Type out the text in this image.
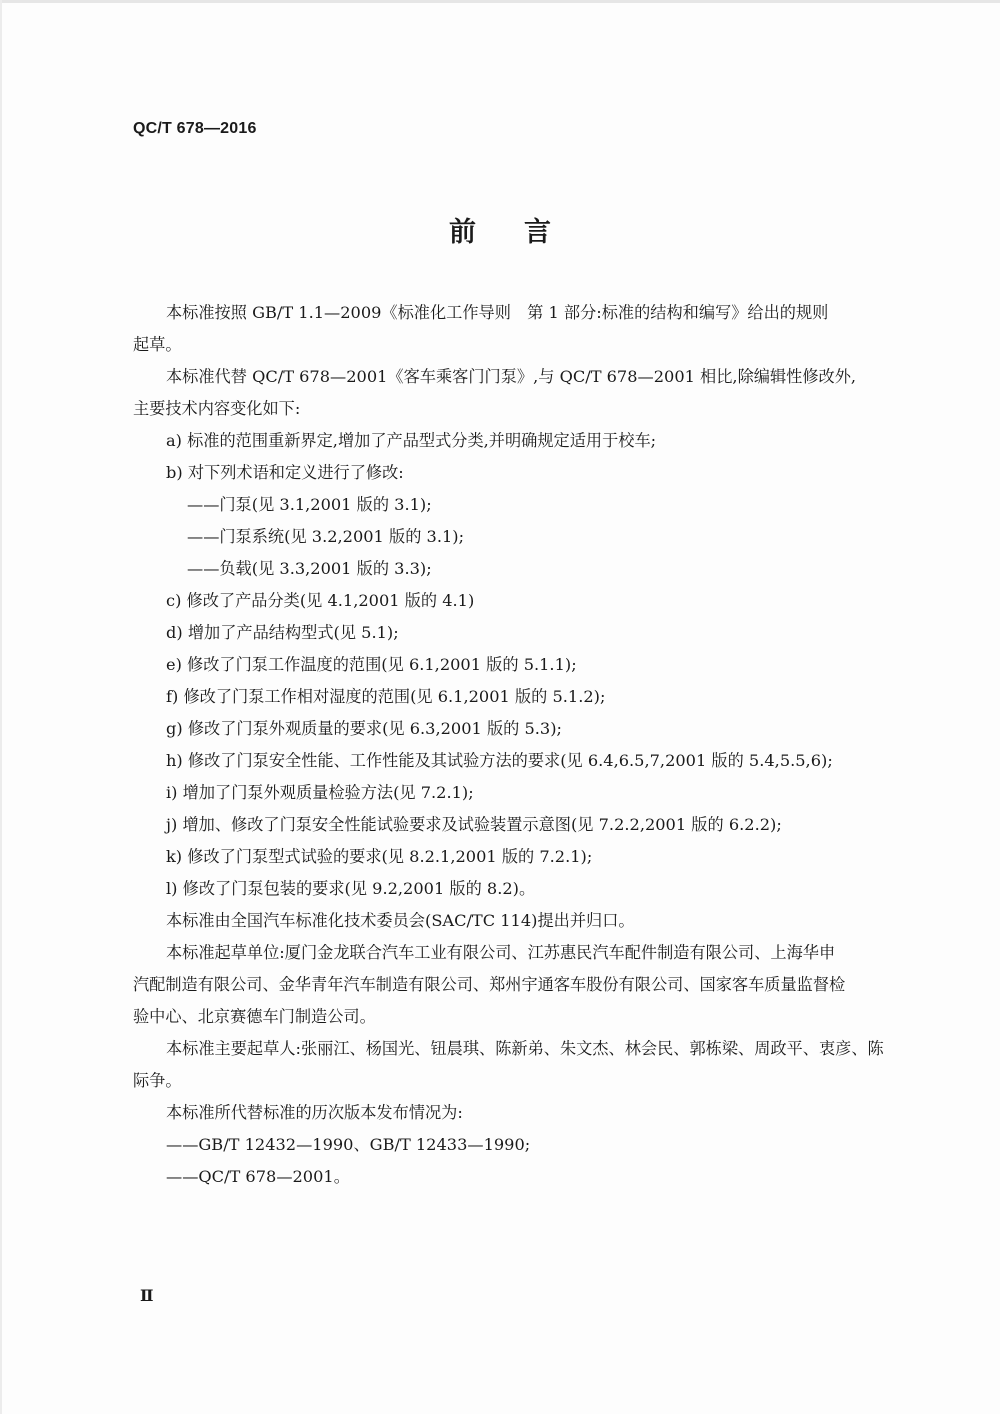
QC/T 678—2016
前 言

本标准按照 GB/T 1.1—2009《标准化工作导则　第 1 部分:标准的结构和编写》给出的规则

起草。

本标准代替 QC/T 678—2001《客车乘客门门泵》,与 QC/T 678—2001 相比,除编辑性修改外,

主要技术内容变化如下:

a) 标准的范围重新界定,增加了产品型式分类,并明确规定适用于校车;

b) 对下列术语和定义进行了修改:

——门泵(见 3.1,2001 版的 3.1);

——门泵系统(见 3.2,2001 版的 3.1);

——负载(见 3.3,2001 版的 3.3);

c) 修改了产品分类(见 4.1,2001 版的 4.1)

d) 增加了产品结构型式(见 5.1);

e) 修改了门泵工作温度的范围(见 6.1,2001 版的 5.1.1);

f) 修改了门泵工作相对湿度的范围(见 6.1,2001 版的 5.1.2);

g) 修改了门泵外观质量的要求(见 6.3,2001 版的 5.3);

h) 修改了门泵安全性能、工作性能及其试验方法的要求(见 6.4,6.5,7,2001 版的 5.4,5.5,6);

i) 增加了门泵外观质量检验方法(见 7.2.1);

j) 增加、修改了门泵安全性能试验要求及试验装置示意图(见 7.2.2,2001 版的 6.2.2);

k) 修改了门泵型式试验的要求(见 8.2.1,2001 版的 7.2.1);

l) 修改了门泵包装的要求(见 9.2,2001 版的 8.2)。

本标准由全国汽车标准化技术委员会(SAC/TC 114)提出并归口。

本标准起草单位:厦门金龙联合汽车工业有限公司、江苏惠民汽车配件制造有限公司、上海华申

汽配制造有限公司、金华青年汽车制造有限公司、郑州宇通客车股份有限公司、国家客车质量监督检

验中心、北京赛德车门制造公司。

本标准主要起草人:张丽江、杨国光、钮晨琪、陈新弟、朱文杰、林会民、郭栋梁、周政平、衷彦、陈

际争。

本标准所代替标准的历次版本发布情况为:

——GB/T 12432—1990、GB/T 12433—1990;

——QC/T 678—2001。

Ⅱ
